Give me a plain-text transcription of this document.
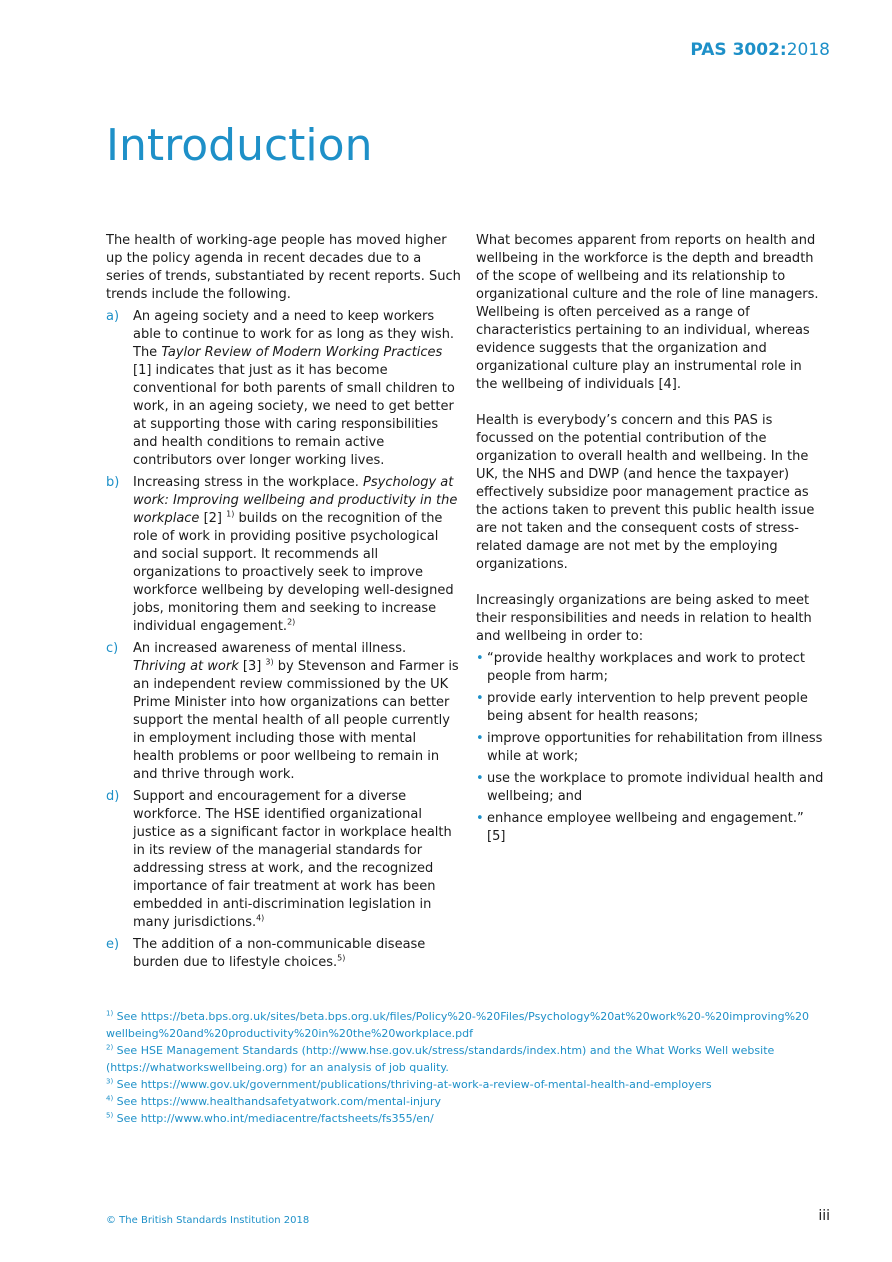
PAS 3002:2018
Introduction

The health of working-age people has moved higher up the policy agenda in recent decades due to a series of trends, substantiated by recent reports. Such trends include the following.

a) An ageing society and a need to keep workers able to continue to work for as long as they wish. The Taylor Review of Modern Working Practices [1] indicates that just as it has become conventional for both parents of small children to work, in an ageing society, we need to get better at supporting those with caring responsibilities and health conditions to remain active contributors over longer working lives.
b) Increasing stress in the workplace. Psychology at work: Improving wellbeing and productivity in the workplace [2] $^{1)}$ builds on the recognition of the role of work in providing positive psychological and social support. It recommends all organizations to proactively seek to improve workforce wellbeing by developing well-designed jobs, monitoring them and seeking to increase individual engagement.$^{2)}$
c) An increased awareness of mental illness. Thriving at work [3] $^{3)}$ by Stevenson and Farmer is an independent review commissioned by the UK Prime Minister into how organizations can better support the mental health of all people currently in employment including those with mental health problems or poor wellbeing to remain in and thrive through work.
d) Support and encouragement for a diverse workforce. The HSE identified organizational justice as a significant factor in workplace health in its review of the managerial standards for addressing stress at work, and the recognized importance of fair treatment at work has been embedded in anti-discrimination legislation in many jurisdictions.$^{4)}$
e) The addition of a non-communicable disease burden due to lifestyle choices.$^{5)}$

What becomes apparent from reports on health and wellbeing in the workforce is the depth and breadth of the scope of wellbeing and its relationship to organizational culture and the role of line managers. Wellbeing is often perceived as a range of characteristics pertaining to an individual, whereas evidence suggests that the organization and organizational culture play an instrumental role in the wellbeing of individuals [4].

Health is everybody’s concern and this PAS is focussed on the potential contribution of the organization to overall health and wellbeing. In the UK, the NHS and DWP (and hence the taxpayer) effectively subsidize poor management practice as the actions taken to prevent this public health issue are not taken and the consequent costs of stress-related damage are not met by the employing organizations.

Increasingly organizations are being asked to meet their responsibilities and needs in relation to health and wellbeing in order to:

• “provide healthy workplaces and work to protect people from harm;
• provide early intervention to help prevent people being absent for health reasons;
• improve opportunities for rehabilitation from illness while at work;
• use the workplace to promote individual health and wellbeing; and
• enhance employee wellbeing and engagement.” [5]

$^{1)}$ See https://beta.bps.org.uk/sites/beta.bps.org.uk/files/Policy%20-%20Files/Psychology%20at%20work%20-%20improving%20 wellbeing%20and%20productivity%20in%20the%20workplace.pdf

$^{2)}$ See HSE Management Standards (http://www.hse.gov.uk/stress/standards/index.htm) and the What Works Well website (https://whatworkswellbeing.org) for an analysis of job quality.

$^{3)}$ See https://www.gov.uk/government/publications/thriving-at-work-a-review-of-mental-health-and-employers

$^{4)}$ See https://www.healthandsafetyatwork.com/mental-injury

$^{5)}$ See http://www.who.int/mediacentre/factsheets/fs355/en/

© The British Standards Institution 2018	iii
